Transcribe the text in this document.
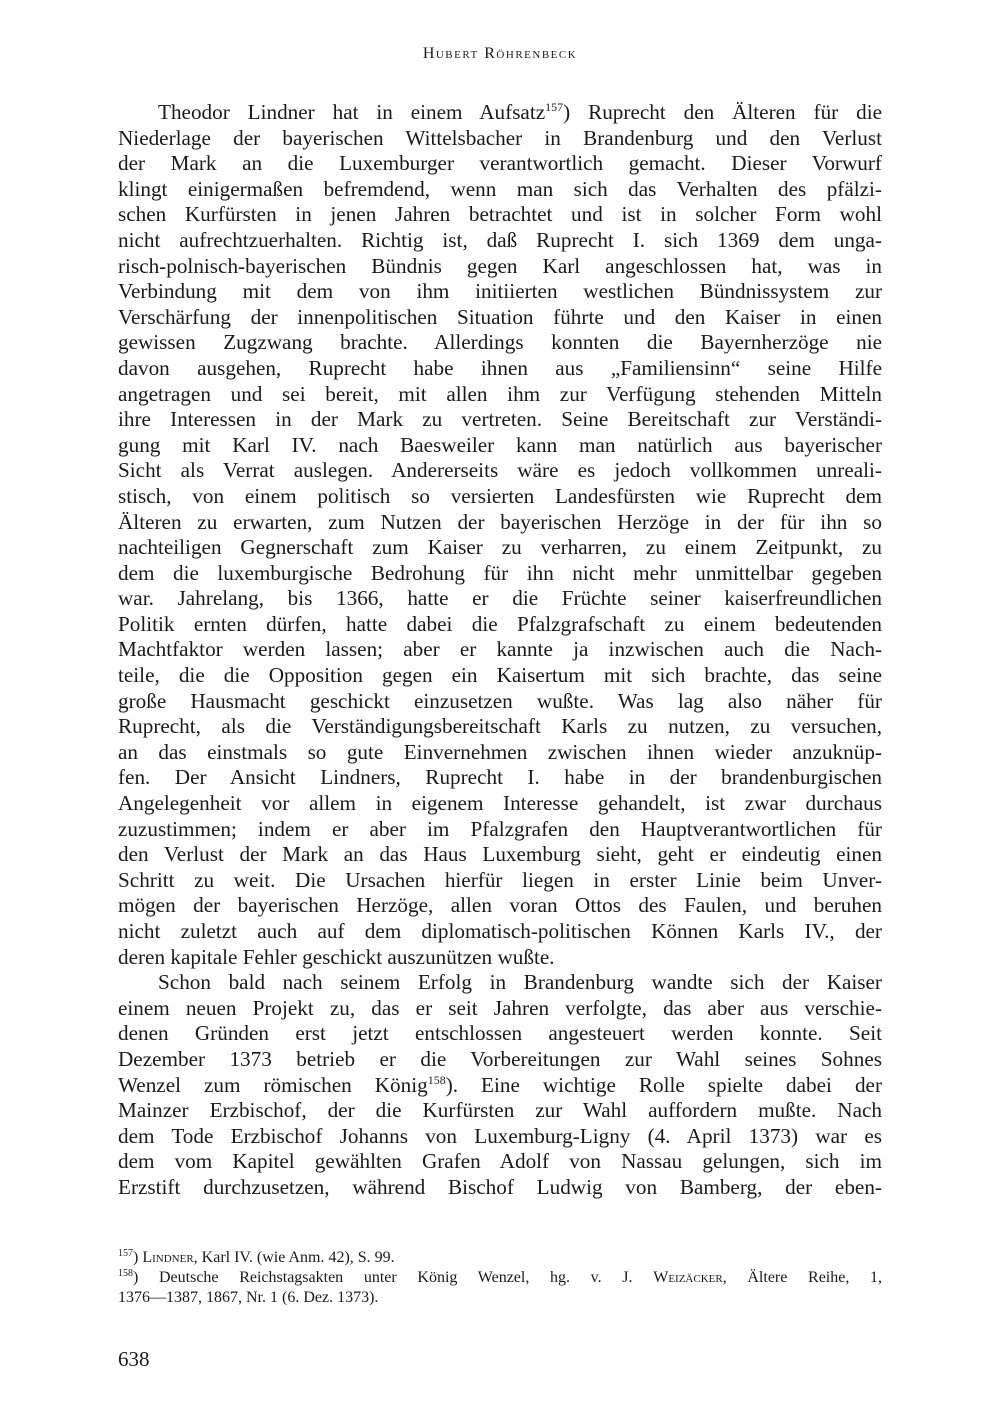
Hubert Röhrenbeck
Theodor Lindner hat in einem Aufsatz$^{157}$) Ruprecht den Älteren für die
Niederlage der bayerischen Wittelsbacher in Brandenburg und den Verlust
der Mark an die Luxemburger verantwortlich gemacht. Dieser Vorwurf
klingt einigermaßen befremdend, wenn man sich das Verhalten des pfälzi-
schen Kurfürsten in jenen Jahren betrachtet und ist in solcher Form wohl
nicht aufrechtzuerhalten. Richtig ist, daß Ruprecht I. sich 1369 dem unga-
risch-polnisch-bayerischen Bündnis gegen Karl angeschlossen hat, was in
Verbindung mit dem von ihm initiierten westlichen Bündnissystem zur
Verschärfung der innenpolitischen Situation führte und den Kaiser in einen
gewissen Zugzwang brachte. Allerdings konnten die Bayernherzöge nie
davon ausgehen, Ruprecht habe ihnen aus „Familiensinn“ seine Hilfe
angetragen und sei bereit, mit allen ihm zur Verfügung stehenden Mitteln
ihre Interessen in der Mark zu vertreten. Seine Bereitschaft zur Verständi-
gung mit Karl IV. nach Baesweiler kann man natürlich aus bayerischer
Sicht als Verrat auslegen. Andererseits wäre es jedoch vollkommen unreali-
stisch, von einem politisch so versierten Landesfürsten wie Ruprecht dem
Älteren zu erwarten, zum Nutzen der bayerischen Herzöge in der für ihn so
nachteiligen Gegnerschaft zum Kaiser zu verharren, zu einem Zeitpunkt, zu
dem die luxemburgische Bedrohung für ihn nicht mehr unmittelbar gegeben
war. Jahrelang, bis 1366, hatte er die Früchte seiner kaiserfreundlichen
Politik ernten dürfen, hatte dabei die Pfalzgrafschaft zu einem bedeutenden
Machtfaktor werden lassen; aber er kannte ja inzwischen auch die Nach-
teile, die die Opposition gegen ein Kaisertum mit sich brachte, das seine
große Hausmacht geschickt einzusetzen wußte. Was lag also näher für
Ruprecht, als die Verständigungsbereitschaft Karls zu nutzen, zu versuchen,
an das einstmals so gute Einvernehmen zwischen ihnen wieder anzuknüp-
fen. Der Ansicht Lindners, Ruprecht I. habe in der brandenburgischen
Angelegenheit vor allem in eigenem Interesse gehandelt, ist zwar durchaus
zuzustimmen; indem er aber im Pfalzgrafen den Hauptverantwortlichen für
den Verlust der Mark an das Haus Luxemburg sieht, geht er eindeutig einen
Schritt zu weit. Die Ursachen hierfür liegen in erster Linie beim Unver-
mögen der bayerischen Herzöge, allen voran Ottos des Faulen, und beruhen
nicht zuletzt auch auf dem diplomatisch-politischen Können Karls IV., der
deren kapitale Fehler geschickt auszunützen wußte.
Schon bald nach seinem Erfolg in Brandenburg wandte sich der Kaiser
einem neuen Projekt zu, das er seit Jahren verfolgte, das aber aus verschie-
denen Gründen erst jetzt entschlossen angesteuert werden konnte. Seit
Dezember 1373 betrieb er die Vorbereitungen zur Wahl seines Sohnes
Wenzel zum römischen König$^{158}$). Eine wichtige Rolle spielte dabei der
Mainzer Erzbischof, der die Kurfürsten zur Wahl auffordern mußte. Nach
dem Tode Erzbischof Johanns von Luxemburg-Ligny (4. April 1373) war es
dem vom Kapitel gewählten Grafen Adolf von Nassau gelungen, sich im
Erzstift durchzusetzen, während Bischof Ludwig von Bamberg, der eben-
$^{157}$) Lindner, Karl IV. (wie Anm. 42), S. 99.
$^{158}$) Deutsche Reichstagsakten unter König Wenzel, hg. v. J. Weizäcker, Ältere Reihe, 1,
1376—1387, 1867, Nr. 1 (6. Dez. 1373).
638
